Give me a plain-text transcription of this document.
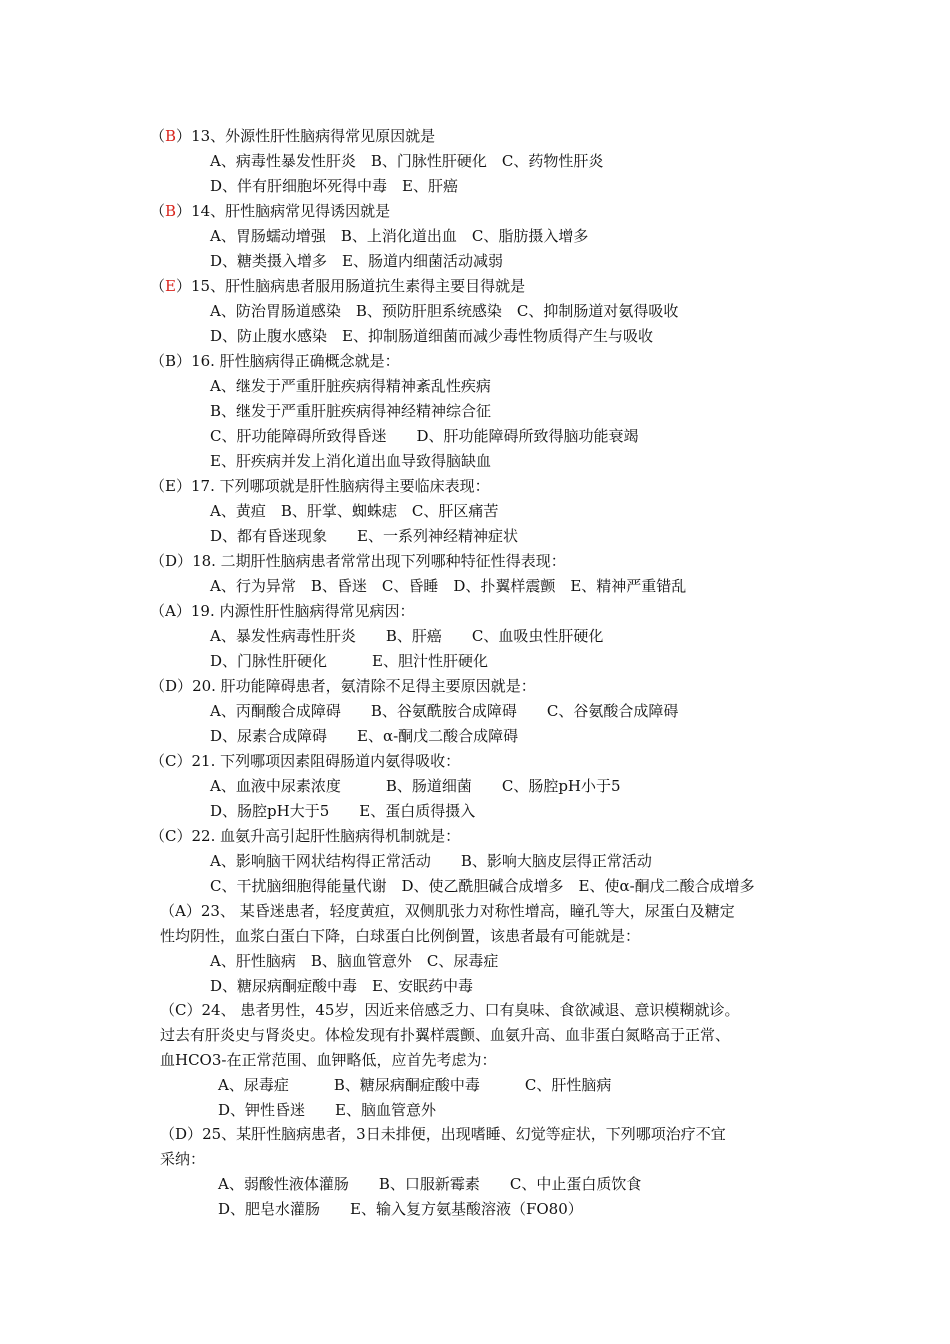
（B）13、外源性肝性脑病得常见原因就是
A、病毒性暴发性肝炎　B、门脉性肝硬化　C、药物性肝炎
D、伴有肝细胞坏死得中毒　E、肝癌
（B）14、肝性脑病常见得诱因就是
A、胃肠蠕动增强　B、上消化道出血　C、脂肪摄入增多
D、糖类摄入增多　E、肠道内细菌活动减弱
（E）15、肝性脑病患者服用肠道抗生素得主要目得就是
A、防治胃肠道感染　B、预防肝胆系统感染　C、抑制肠道对氨得吸收
D、防止腹水感染　E、抑制肠道细菌而减少毒性物质得产生与吸收
（B）16. 肝性脑病得正确概念就是：
A、继发于严重肝脏疾病得精神紊乱性疾病
B、继发于严重肝脏疾病得神经精神综合征
C、肝功能障碍所致得昏迷　　D、肝功能障碍所致得脑功能衰竭
E、肝疾病并发上消化道出血导致得脑缺血
（E）17. 下列哪项就是肝性脑病得主要临床表现：
A、黄疸　B、肝掌、蜘蛛痣　C、肝区痛苦
D、都有昏迷现象　　E、一系列神经精神症状
（D）18. 二期肝性脑病患者常常出现下列哪种特征性得表现：
A、行为异常　B、昏迷　C、昏睡　D、扑翼样震颤　E、精神严重错乱
（A）19. 内源性肝性脑病得常见病因：
A、暴发性病毒性肝炎　　B、肝癌　　C、血吸虫性肝硬化
D、门脉性肝硬化　　　E、胆汁性肝硬化
（D）20. 肝功能障碍患者，氨清除不足得主要原因就是：
A、丙酮酸合成障碍　　B、谷氨酰胺合成障碍　　C、谷氨酸合成障碍
D、尿素合成障碍　　E、α-酮戊二酸合成障碍
（C）21. 下列哪项因素阻碍肠道内氨得吸收：
A、血液中尿素浓度　　　B、肠道细菌　　C、肠腔pH小于5
D、肠腔pH大于5　　E、蛋白质得摄入
（C）22. 血氨升高引起肝性脑病得机制就是：
A、影响脑干网状结构得正常活动　　B、影响大脑皮层得正常活动
C、干扰脑细胞得能量代谢　D、使乙酰胆碱合成增多　E、使α-酮戊二酸合成增多
（A）23、 某昏迷患者，轻度黄疸，双侧肌张力对称性增高，瞳孔等大，尿蛋白及糖定
性均阴性，血浆白蛋白下降，白球蛋白比例倒置，该患者最有可能就是：
A、肝性脑病　B、脑血管意外　C、尿毒症
D、糖尿病酮症酸中毒　E、安眠药中毒
（C）24、 患者男性，45岁，因近来倍感乏力、口有臭味、食欲减退、意识模糊就诊。
过去有肝炎史与肾炎史。体检发现有扑翼样震颤、血氨升高、血非蛋白氮略高于正常、
血HCO3-在正常范围、血钾略低，应首先考虑为：
A、尿毒症　　　B、糖尿病酮症酸中毒　　　C、肝性脑病
D、钾性昏迷　　E、脑血管意外
（D）25、某肝性脑病患者，3日未排便，出现嗜睡、幻觉等症状，下列哪项治疗不宜
采纳：
A、弱酸性液体灌肠　　B、口服新霉素　　C、中止蛋白质饮食
D、肥皂水灌肠　　E、输入复方氨基酸溶液（FO80）
